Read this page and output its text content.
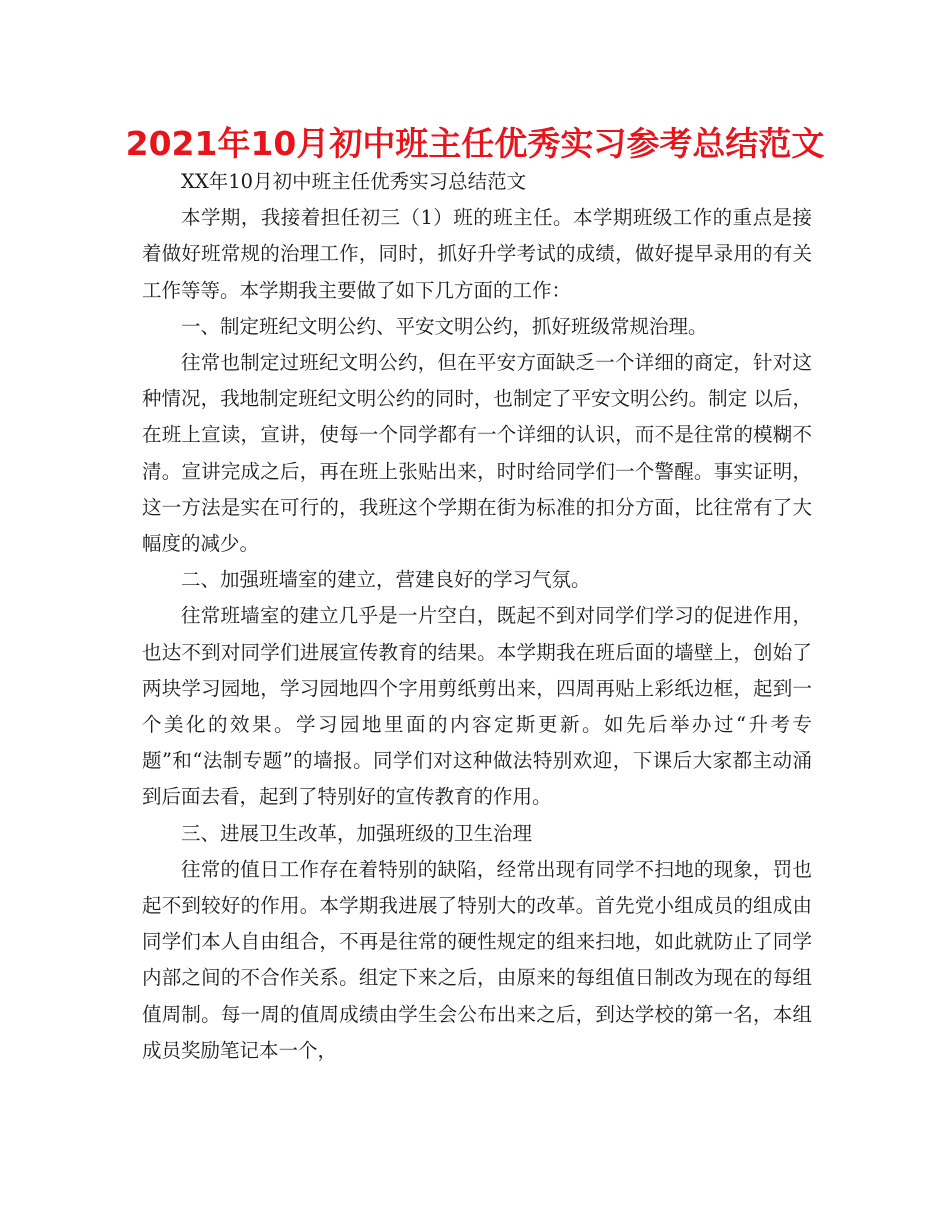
2021年10月初中班主任优秀实习参考总结范文

XX年10月初中班主任优秀实习总结范文

本学期，我接着担任初三（1）班的班主任。本学期班级工作的重点是接着做好班常规的治理工作，同时，抓好升学考试的成绩，做好提早录用的有关工作等等。本学期我主要做了如下几方面的工作：

一、制定班纪文明公约、平安文明公约，抓好班级常规治理。

往常也制定过班纪文明公约，但在平安方面缺乏一个详细的商定，针对这种情况，我地制定班纪文明公约的同时，也制定了平安文明公约。制定 以后，在班上宣读，宣讲，使每一个同学都有一个详细的认识，而不是往常的模糊不清。宣讲完成之后，再在班上张贴出来，时时给同学们一个警醒。事实证明，这一方法是实在可行的，我班这个学期在街为标准的扣分方面，比往常有了大幅度的减少。

二、加强班墙室的建立，营建良好的学习气氛。

往常班墙室的建立几乎是一片空白，既起不到对同学们学习的促进作用，也达不到对同学们进展宣传教育的结果。本学期我在班后面的墙壁上，创始了两块学习园地，学习园地四个字用剪纸剪出来，四周再贴上彩纸边框，起到一个美化的效果。学习园地里面的内容定斯更新。如先后举办过“升考专题”和“法制专题”的墙报。同学们对这种做法特别欢迎，下课后大家都主动涌到后面去看，起到了特别好的宣传教育的作用。

三、进展卫生改革，加强班级的卫生治理

往常的值日工作存在着特别的缺陷，经常出现有同学不扫地的现象，罚也起不到较好的作用。本学期我进展了特别大的改革。首先党小组成员的组成由同学们本人自由组合，不再是往常的硬性规定的组来扫地，如此就防止了同学内部之间的不合作关系。组定下来之后，由原来的每组值日制改为现在的每组值周制。每一周的值周成绩由学生会公布出来之后，到达学校的第一名，本组成员奖励笔记本一个，
